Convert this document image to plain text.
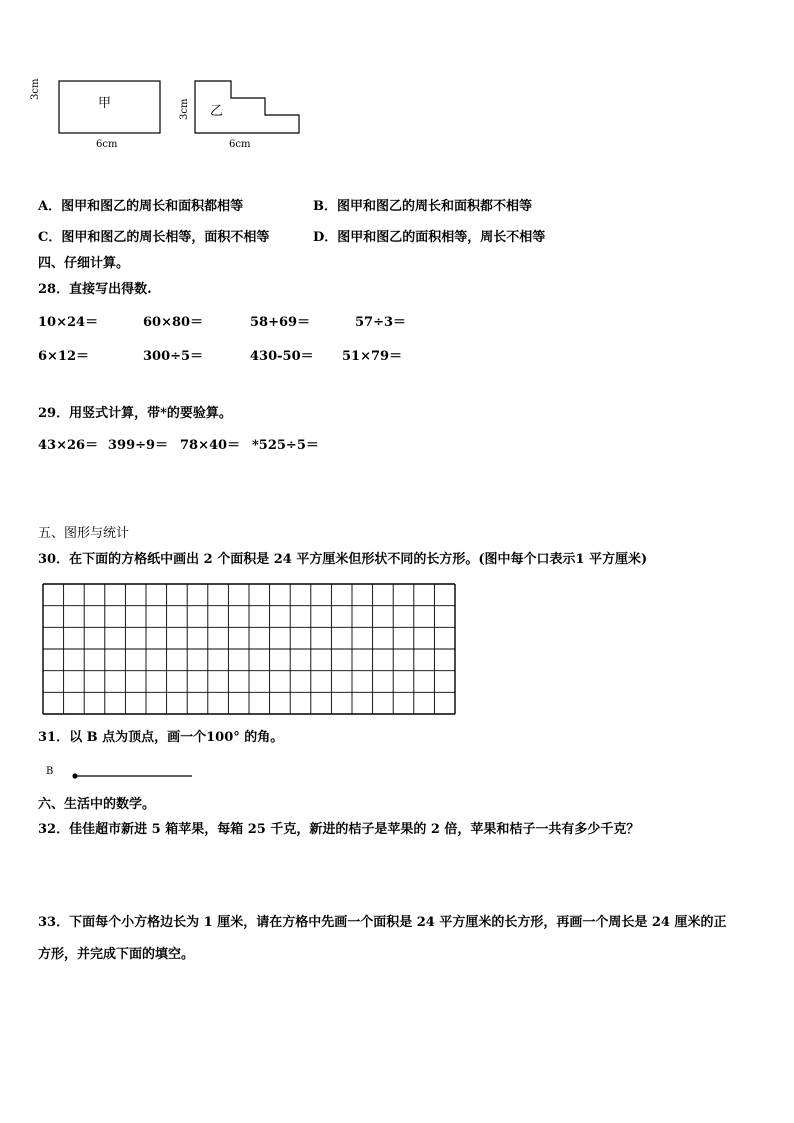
甲
3cm
6cm
乙
3cm
6cm
A．图甲和图乙的周长和面积都相等	B．图甲和图乙的周长和面积都不相等
C．图甲和图乙的周长相等，面积不相等	D．图甲和图乙的面积相等，周长不相等
四、仔细计算。
28．直接写出得数.
10×24＝	60×80＝	58+69＝	57÷3＝
6×12＝	300÷5＝	430-50＝ 51×79＝
29．用竖式计算，带*的要验算。
43×26＝ 399÷9＝ 78×40＝ *525÷5＝
五、图形与统计
30．在下面的方格纸中画出 2 个面积是 24 平方厘米但形状不同的长方形。(图中每个口表示1 平方厘米)
31．以 B 点为顶点，画一个100° 的角。
B
六、生活中的数学。
32．佳佳超市新进 5 箱苹果，每箱 25 千克，新进的桔子是苹果的 2 倍，苹果和桔子一共有多少千克？
33．下面每个小方格边长为 1 厘米，请在方格中先画一个面积是 24 平方厘米的长方形，再画一个周长是 24 厘米的正
方形，并完成下面的填空。
